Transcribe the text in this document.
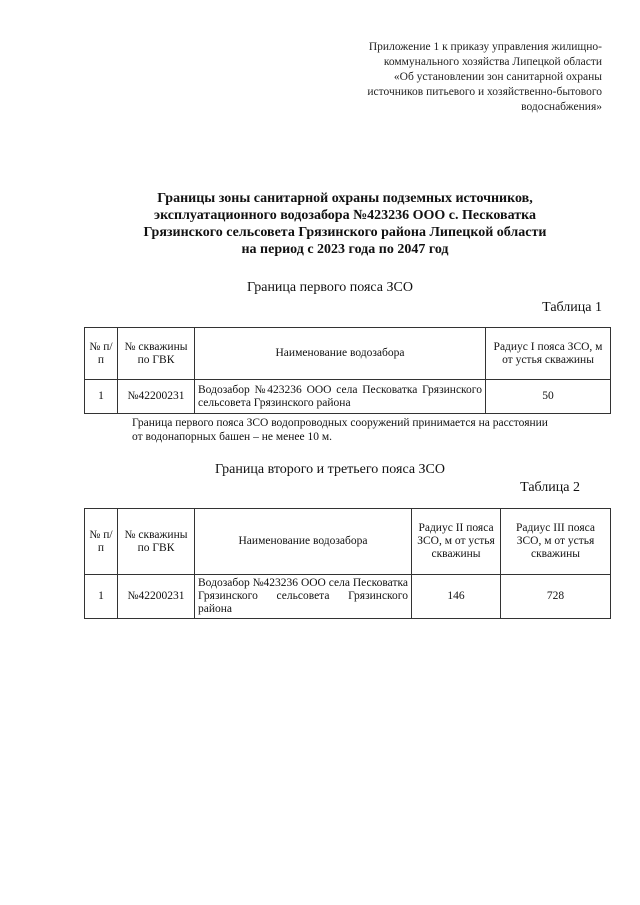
Приложение 1 к приказу управления жилищно-
коммунального хозяйства Липецкой области
«Об установлении зон санитарной охраны
источников питьевого и хозяйственно-бытового
водоснабжения»
Границы зоны санитарной охраны подземных источников,
эксплуатационного водозабора №423236 ООО с. Песковатка
Грязинского сельсовета Грязинского района Липецкой области
на период с 2023 года по 2047 год
Граница первого пояса ЗСО
Таблица 1
№ п/п	№ скважины по ГВК	Наименование водозабора	Радиус I пояса ЗСО, м от устья скважины
1	№42200231	Водозабор №423236 ООО села Песковатка Грязинского сельсовета Грязинского района	50
Граница первого пояса ЗСО водопроводных сооружений принимается на расстоянии от водонапорных башен – не менее 10 м.
Граница второго и третьего пояса ЗСО
Таблица 2
№ п/п	№ скважины по ГВК	Наименование водозабора	Радиус II пояса ЗСО, м от устья скважины	Радиус III пояса ЗСО, м от устья скважины
1	№42200231	Водозабор №423236 ООО села Песковатка Грязинского сельсовета Грязинского района	146	728
